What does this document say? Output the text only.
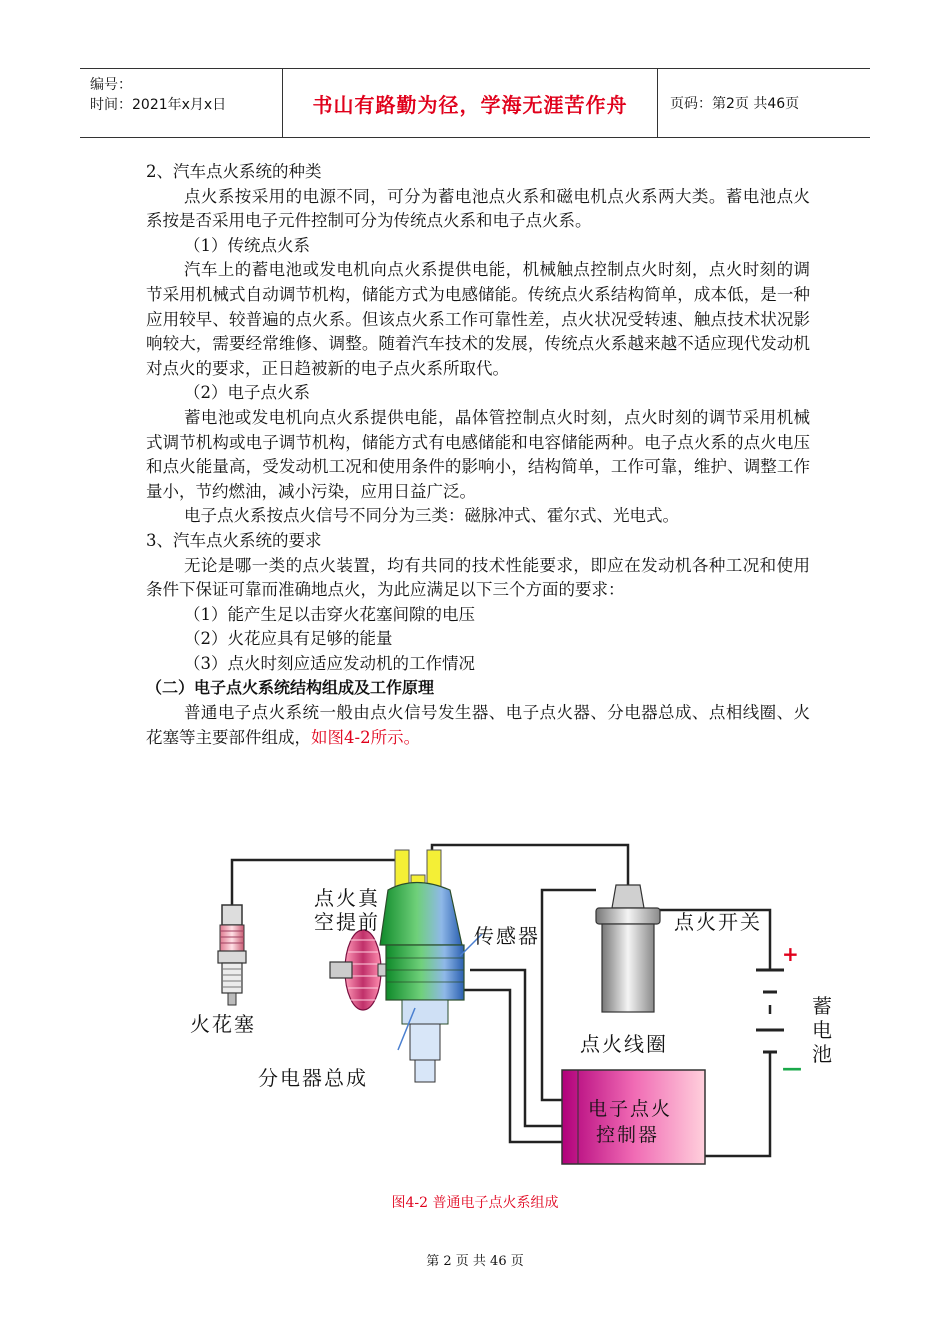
编号：
时间：2021年x月x日	书山有路勤为径，学海无涯苦作舟	页码：第2页 共46页

2、汽车点火系统的种类

点火系按采用的电源不同，可分为蓄电池点火系和磁电机点火系两大类。蓄电池点火系按是否采用电子元件控制可分为传统点火系和电子点火系。

（1）传统点火系

汽车上的蓄电池或发电机向点火系提供电能，机械触点控制点火时刻，点火时刻的调节采用机械式自动调节机构，储能方式为电感储能。传统点火系结构简单，成本低，是一种应用较早、较普遍的点火系。但该点火系工作可靠性差，点火状况受转速、触点技术状况影响较大，需要经常维修、调整。随着汽车技术的发展，传统点火系越来越不适应现代发动机对点火的要求，正日趋被新的电子点火系所取代。

（2）电子点火系

蓄电池或发电机向点火系提供电能，晶体管控制点火时刻，点火时刻的调节采用机械式调节机构或电子调节机构，储能方式有电感储能和电容储能两种。电子点火系的点火电压和点火能量高，受发动机工况和使用条件的影响小，结构简单，工作可靠，维护、调整工作量小，节约燃油，减小污染，应用日益广泛。

电子点火系按点火信号不同分为三类：磁脉冲式、霍尔式、光电式。

3、汽车点火系统的要求

无论是哪一类的点火装置，均有共同的技术性能要求，即应在发动机各种工况和使用条件下保证可靠而准确地点火，为此应满足以下三个方面的要求：

（1）能产生足以击穿火花塞间隙的电压

（2）火花应具有足够的能量

（3）点火时刻应适应发动机的工作情况

（二）电子点火系统结构组成及工作原理

普通电子点火系统一般由点火信号发生器、电子点火器、分电器总成、点相线圈、火花塞等主要部件组成，如图4-2所示。

火花塞
点火真
空提前
传感器
分电器总成
点火开关
点火线圈
蓄
电
池
+
—
电子点火
控制器
图4-2 普通电子点火系组成
第 2 页 共 46 页
